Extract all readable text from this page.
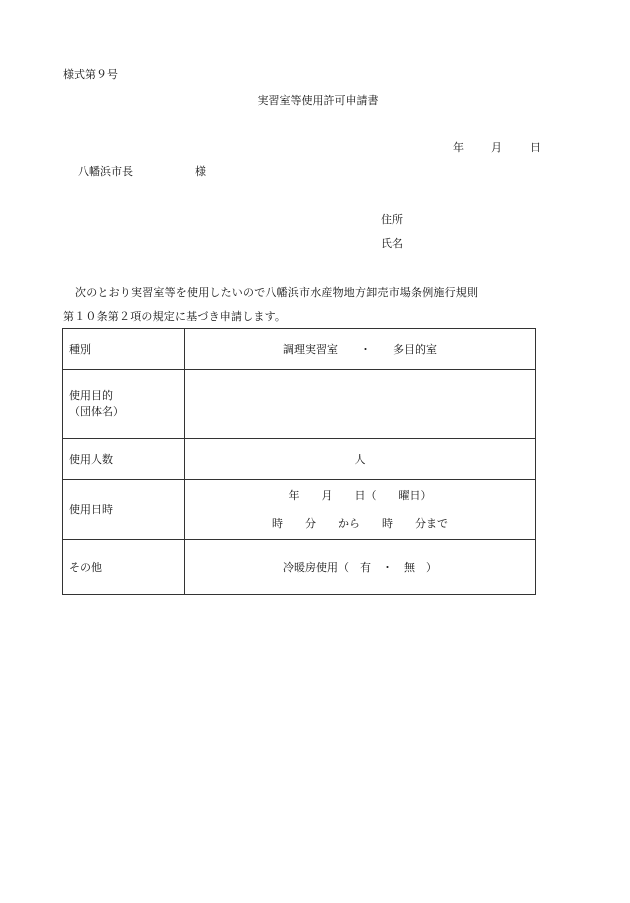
様式第９号
実習室等使用許可申請書
年 月	日
八幡浜市長	様
住所
氏名
次のとおり実習室等を使用したいので八幡浜市水産物地方卸売市場条例施行規則
第１０条第２項の規定に基づき申請します。
種別	調理実習室　　・　　多目的室

使用目的
（団体名）	

使用人数	人
使用日時	年　　月　　日（　　曜日）
時　　分　　から　　時　　分まで

その他	冷暖房使用（　有　・　無　）
